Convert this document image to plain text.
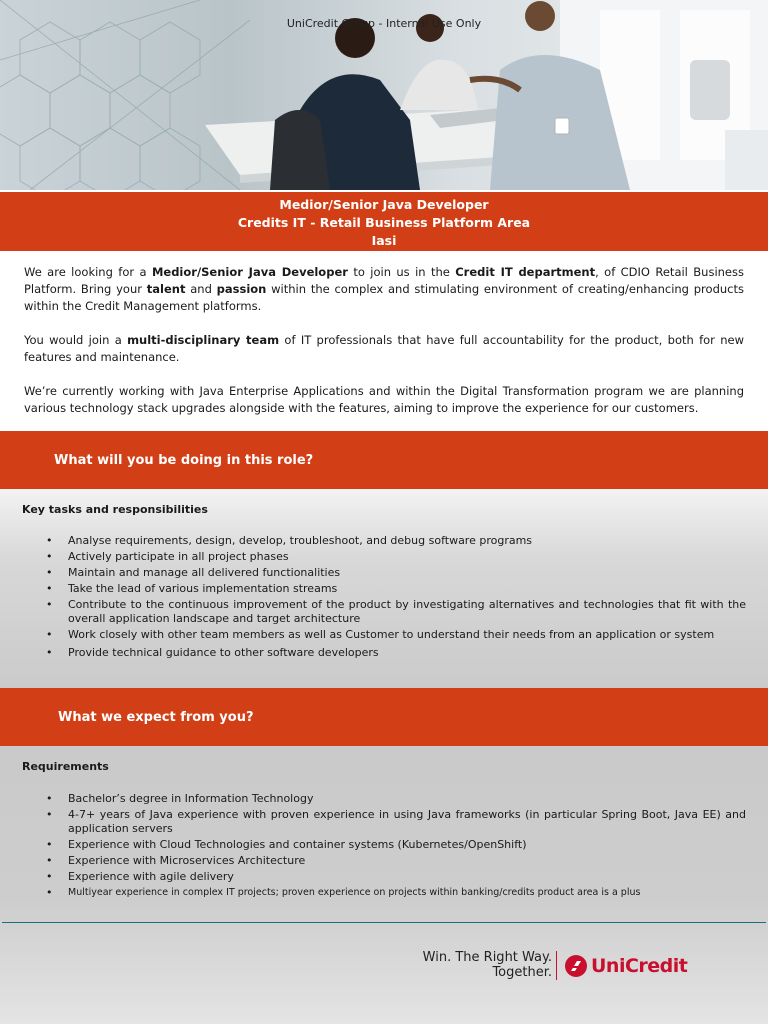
UniCredit Group - Internal Use Only
Medior/Senior Java Developer
Credits IT - Retail Business Platform Area
Iasi

We are looking for a Medior/Senior Java Developer to join us in the Credit IT department, of CDIO Retail Business Platform. Bring your talent and passion within the complex and stimulating environment of creating/enhancing products within the Credit Management platforms.

You would join a multi-disciplinary team of IT professionals that have full accountability for the product, both for new features and maintenance.

We’re currently working with Java Enterprise Applications and within the Digital Transformation program we are planning various technology stack upgrades alongside with the features, aiming to improve the experience for our customers.

What will you be doing in this role?
Key tasks and responsibilities
• Analyse requirements, design, develop, troubleshoot, and debug software programs
• Actively participate in all project phases
• Maintain and manage all delivered functionalities
• Take the lead of various implementation streams
• Contribute to the continuous improvement of the product by investigating alternatives and technologies that fit with the overall application landscape and target architecture
• Work closely with other team members as well as Customer to understand their needs from an application or system
• Provide technical guidance to other software developers
What we expect from you?
Requirements
• Bachelor’s degree in Information Technology
• 4-7+ years of Java experience with proven experience in using Java frameworks (in particular Spring Boot, Java EE) and application servers
• Experience with Cloud Technologies and container systems (Kubernetes/OpenShift)
• Experience with Microservices Architecture
• Experience with agile delivery
• Multiyear experience in complex IT projects; proven experience on projects within banking/credits product area is a plus
Win. The Right Way.
Together. UniCredit
